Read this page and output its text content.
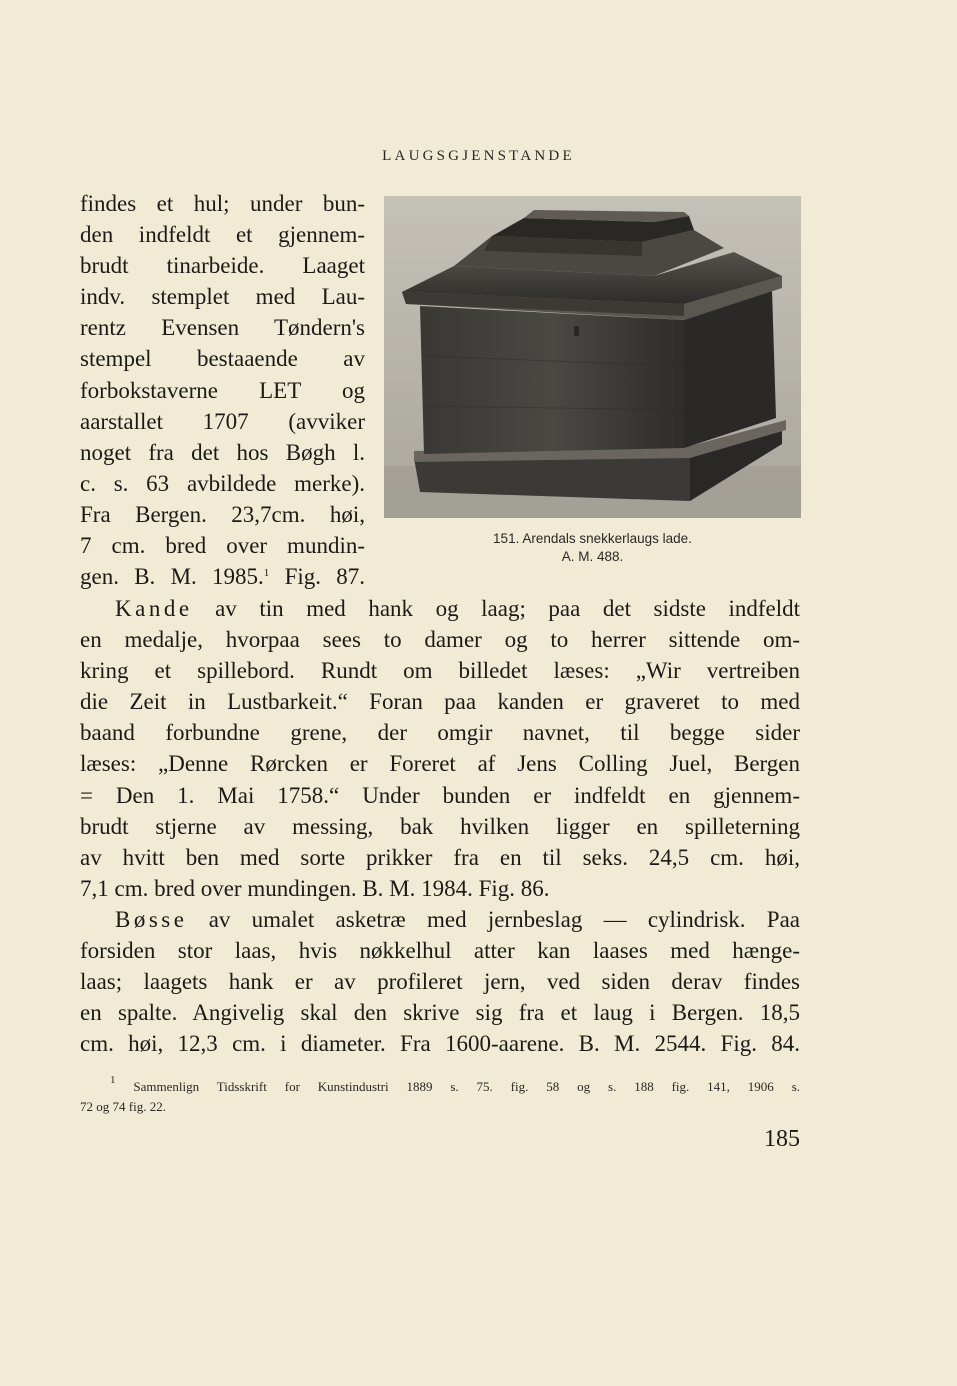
LAUGSGJENSTANDE
findes et hul; under bun-
den indfeldt et gjennem-
brudt tinarbeide. Laaget
indv. stemplet med Lau-
rentz Evensen Tøndern's
stempel bestaaende av
forbokstaverne LET og
aarstallet 1707 (avviker
noget fra det hos Bøgh l.
c. s. 63 avbildede merke).
Fra Bergen. 23,7cm. høi,
7 cm. bred over mundin-
gen. B. M. 1985.$^1$ Fig. 87.
151. Arendals snekkerlaugs lade.
A. M. 488.
Kande av tin med hank og laag; paa det sidste indfeldt
en medalje, hvorpaa sees to damer og to herrer sittende om-
kring et spillebord. Rundt om billedet læses: „Wir vertreiben
die Zeit in Lustbarkeit.“ Foran paa kanden er graveret to med
baand forbundne grene, der omgir navnet, til begge sider
læses: „Denne Rørcken er Foreret af Jens Colling Juel, Bergen
= Den 1. Mai 1758.“ Under bunden er indfeldt en gjennem-
brudt stjerne av messing, bak hvilken ligger en spilleterning
av hvitt ben med sorte prikker fra en til seks. 24,5 cm. høi,
7,1 cm. bred over mundingen. B. M. 1984. Fig. 86.
Bøsse av umalet asketræ med jernbeslag — cylindrisk. Paa
forsiden stor laas, hvis nøkkelhul atter kan laases med hænge-
laas; laagets hank er av profileret jern, ved siden derav findes
en spalte. Angivelig skal den skrive sig fra et laug i Bergen. 18,5
cm. høi, 12,3 cm. i diameter. Fra 1600-aarene. B. M. 2544. Fig. 84.
$^1$ Sammenlign Tidsskrift for Kunstindustri 1889 s. 75. fig. 58 og s. 188 fig. 141, 1906 s.
72 og 74 fig. 22.
185
